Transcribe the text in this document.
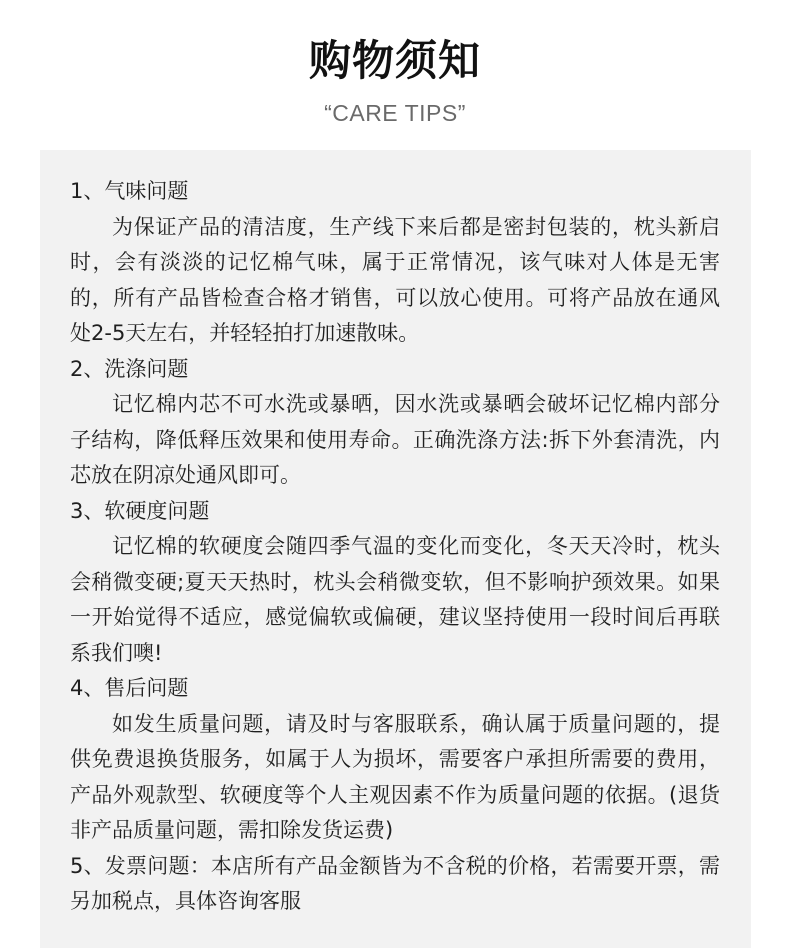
购物须知
“CARE TIPS”

1、气味问题

为保证产品的清洁度，生产线下来后都是密封包装的，枕头新启时，会有淡淡的记忆棉气味，属于正常情况，该气味对人体是无害的，所有产品皆检查合格才销售，可以放心使用。可将产品放在通风处2-5天左右，并轻轻拍打加速散味。

2、洗涤问题

记忆棉内芯不可水洗或暴晒，因水洗或暴晒会破坏记忆棉内部分子结构，降低释压效果和使用寿命。正确洗涤方法:拆下外套清洗，内芯放在阴凉处通风即可。

3、软硬度问题

记忆棉的软硬度会随四季气温的变化而变化，冬天天冷时，枕头会稍微变硬;夏天天热时，枕头会稍微变软，但不影响护颈效果。如果一开始觉得不适应，感觉偏软或偏硬，建议坚持使用一段时间后再联系我们噢!

4、售后问题

如发生质量问题，请及时与客服联系，确认属于质量问题的，提供免费退换货服务，如属于人为损坏，需要客户承担所需要的费用，产品外观款型、软硬度等个人主观因素不作为质量问题的依据。(退货非产品质量问题，需扣除发货运费)

5、发票问题：本店所有产品金额皆为不含税的价格，若需要开票，需另加税点，具体咨询客服
